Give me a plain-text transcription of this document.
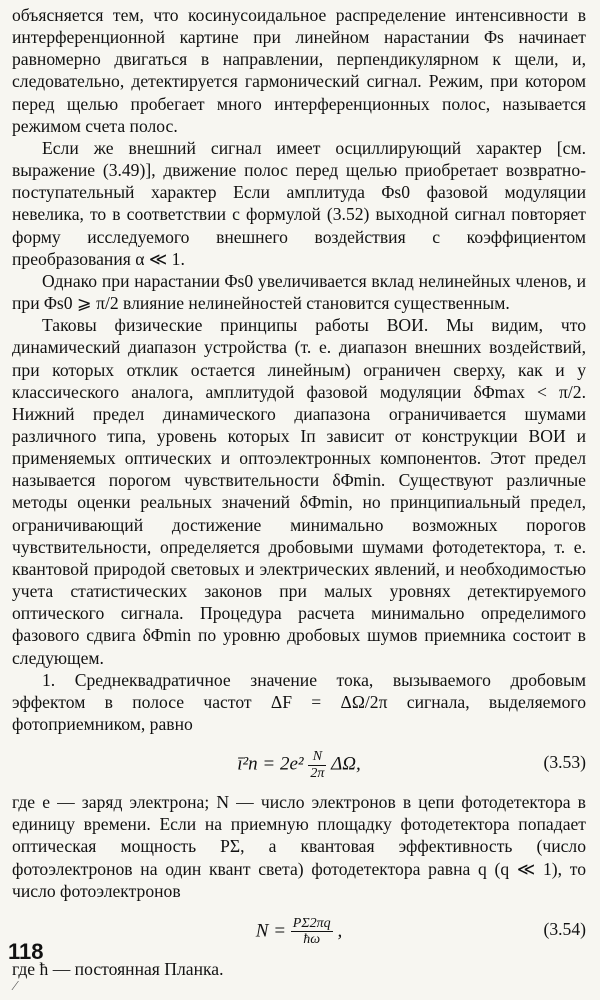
объясняется тем, что косинусоидальное распределение интенсивности в интерференционной картине при линейном нарастании Φs начинает равномерно двигаться в направлении, перпендикулярном к щели, и, следовательно, детектируется гармонический сигнал. Режим, при котором перед щелью пробегает много интерференционных полос, называется режимом счета полос.

Если же внешний сигнал имеет осциллирующий характер [см. выражение (3.49)], движение полос перед щелью приобретает возвратно-поступательный характер Если амплитуда Φs0 фазовой модуляции невелика, то в соответствии с формулой (3.52) выходной сигнал повторяет форму исследуемого внешнего воздействия с коэффициентом преобразования α ≪ 1.

Однако при нарастании Φs0 увеличивается вклад нелинейных членов, и при Φs0 ⩾ π/2 влияние нелинейностей становится существенным.

Таковы физические принципы работы ВОИ. Мы видим, что динамический диапазон устройства (т. е. диапазон внешних воздействий, при которых отклик остается линейным) ограничен сверху, как и у классического аналога, амплитудой фазовой модуляции δΦmax < π/2. Нижний предел динамического диапазона ограничивается шумами различного типа, уровень которых Iп зависит от конструкции ВОИ и применяемых оптических и оптоэлектронных компонентов. Этот предел называется порогом чувствительности δΦmin. Существуют различные методы оценки реальных значений δΦmin, но принципиальный предел, ограничивающий достижение минимально возможных порогов чувствительности, определяется дробовыми шумами фотодетектора, т. е. квантовой природой световых и электрических явлений, и необходимостью учета статистических законов при малых уровнях детектируемого оптического сигнала. Процедура расчета минимально определимого фазового сдвига δΦmin по уровню дробовых шумов приемника состоит в следующем.

1. Среднеквадратичное значение тока, вызываемого дробовым эффектом в полосе частот ΔF = ΔΩ/2π сигнала, выделяемого фотоприемником, равно

ī²п = $2e^2 \frac{N}{2\pi} \Delta\Omega$,	(3.53)

где e — заряд электрона; N — число электронов в цепи фотодетектора в единицу времени. Если на приемную площадку фотодетектора попадает оптическая мощность PΣ, а квантовая эффективность (число фотоэлектронов на один квант света) фотодетектора равна q (q ≪ 1), то число фотоэлектронов

$N = \frac{P\Sigma 2\pi q}{ħ\omega}$ ,	(3.54)

где ħ — постоянная Планка.

118
⁄
